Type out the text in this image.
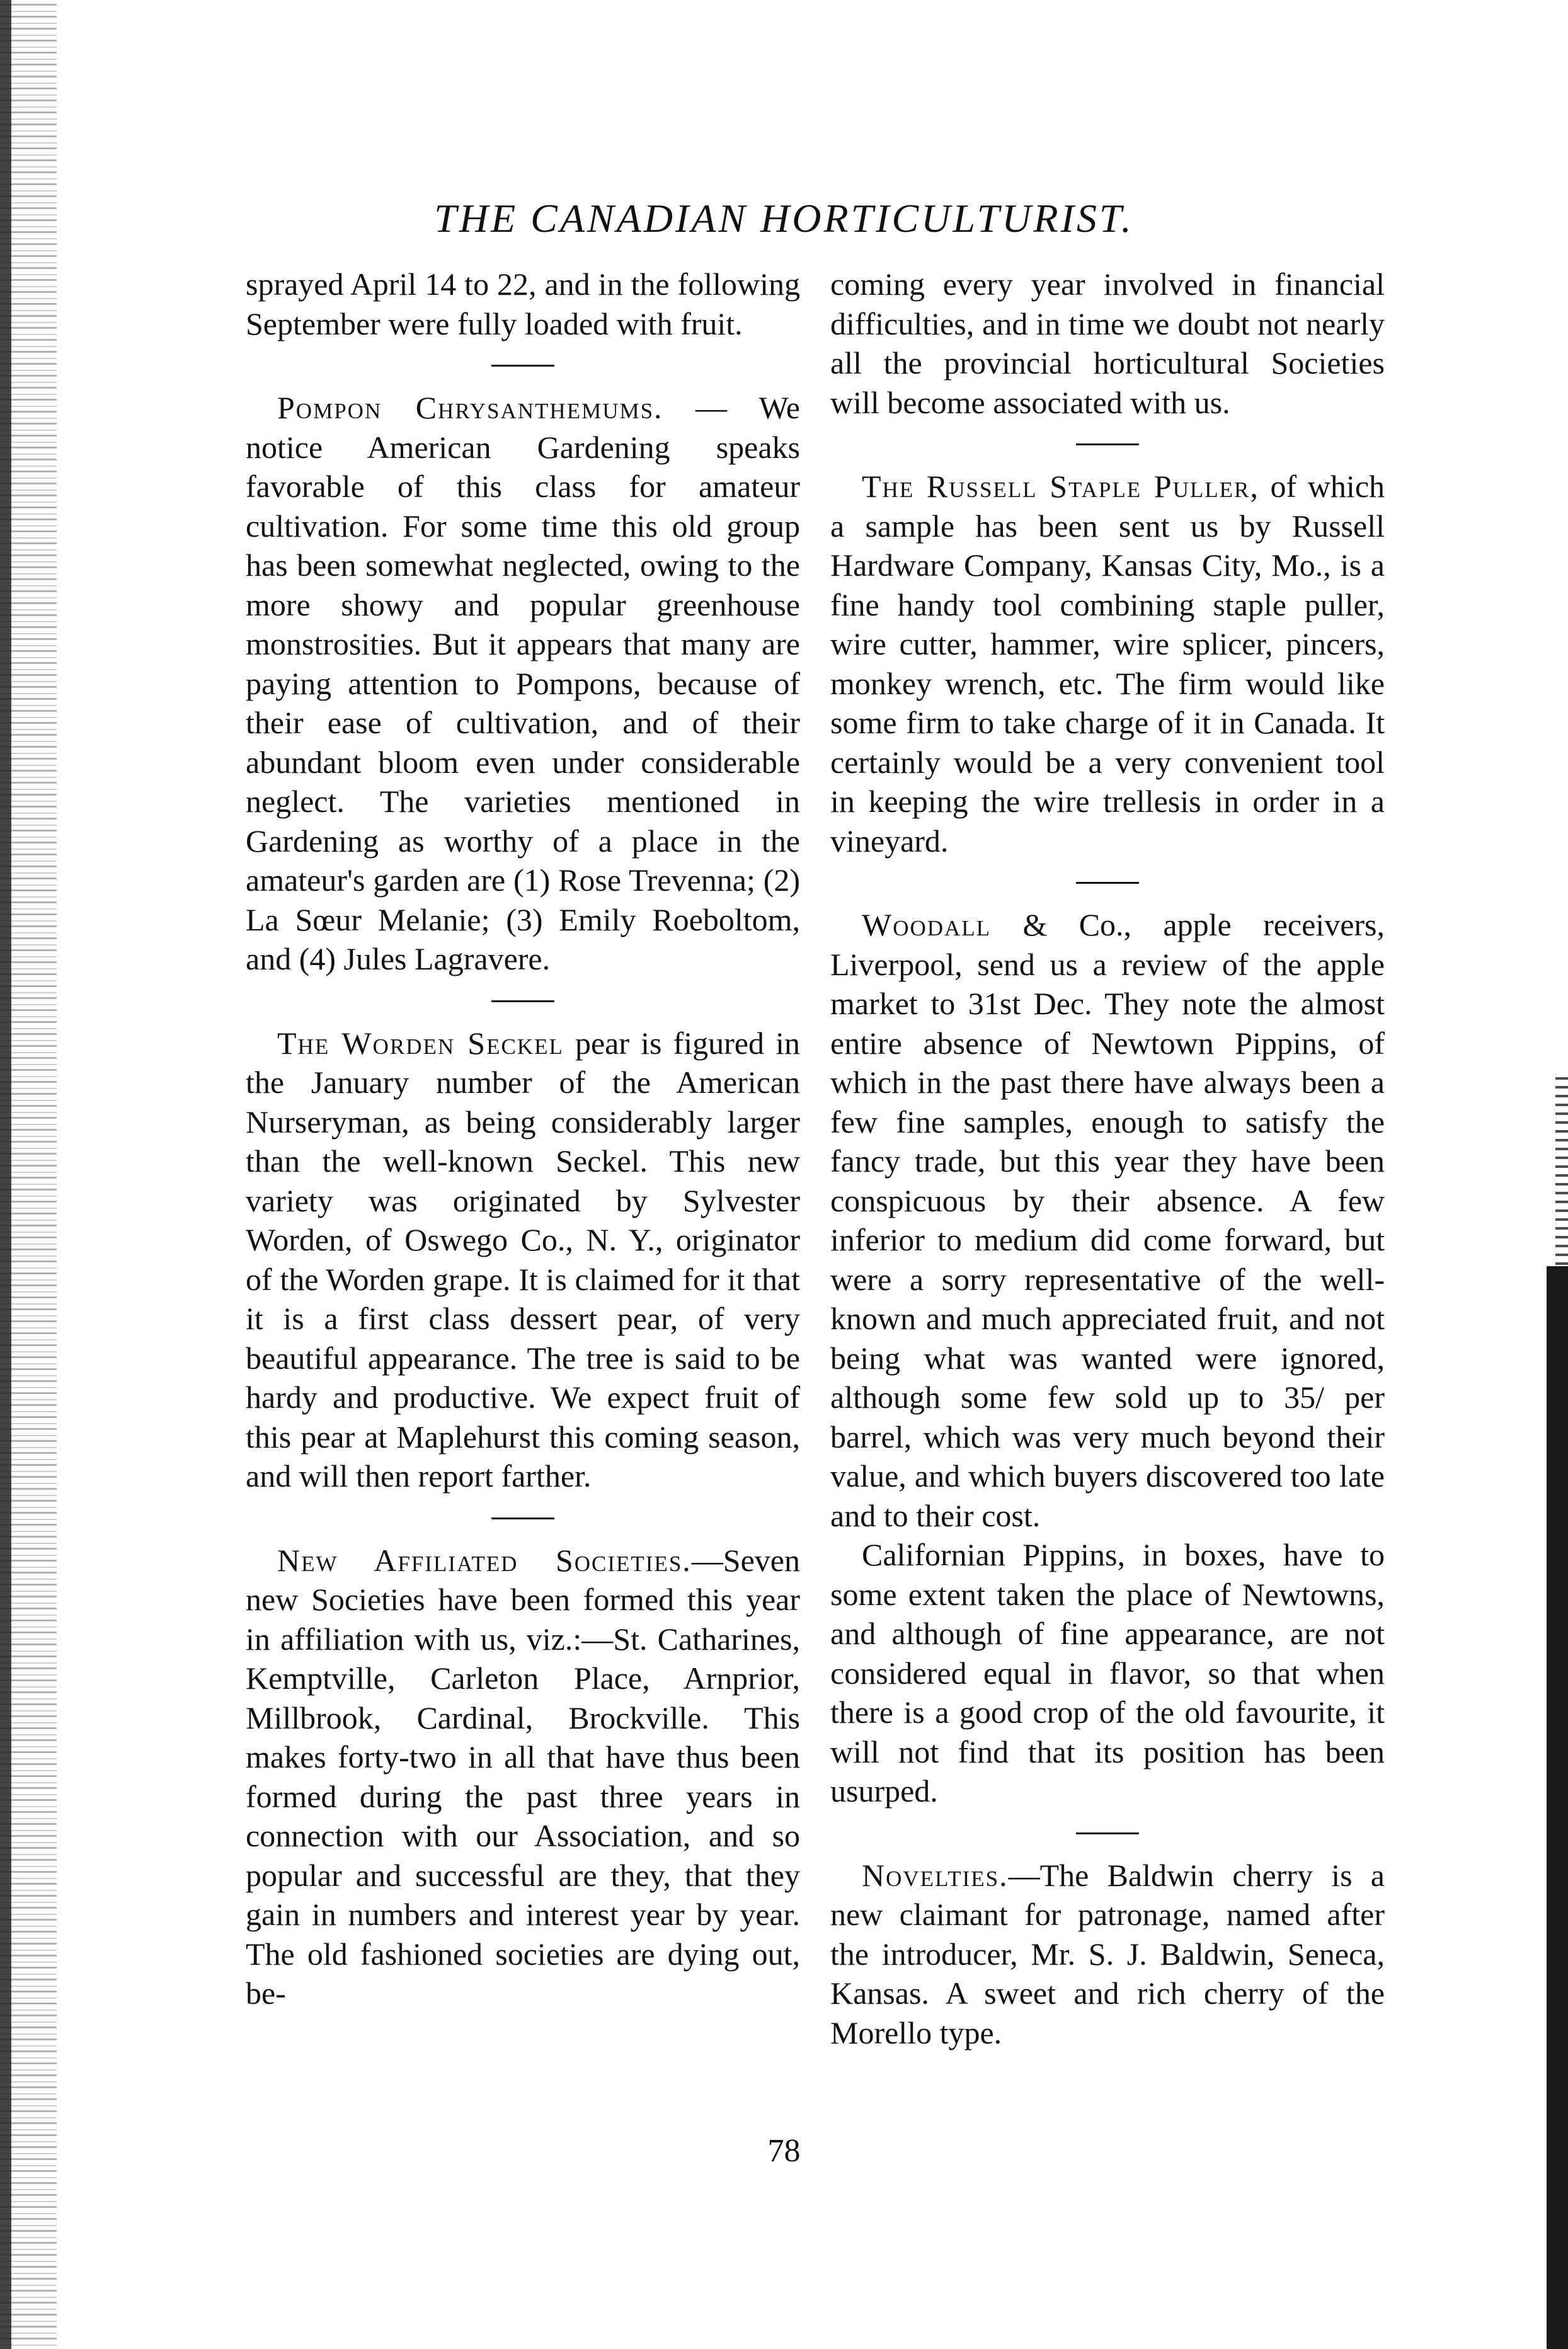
THE CANADIAN HORTICULTURIST.

sprayed April 14 to 22, and in the following September were fully loaded with fruit.

Pompon Chrysanthemums. — We notice American Gardening speaks favorable of this class for amateur cultivation. For some time this old group has been somewhat neglected, owing to the more showy and popular greenhouse monstrosities. But it appears that many are paying attention to Pompons, because of their ease of cultivation, and of their abundant bloom even under considerable neglect. The varieties mentioned in Gardening as worthy of a place in the amateur's garden are (1) Rose Trevenna; (2) La Sœur Melanie; (3) Emily Roeboltom, and (4) Jules Lagravere.

The Worden Seckel pear is figured in the January number of the American Nurseryman, as being considerably larger than the well-known Seckel. This new variety was originated by Sylvester Worden, of Oswego Co., N. Y., originator of the Worden grape. It is claimed for it that it is a first class dessert pear, of very beautiful appearance. The tree is said to be hardy and productive. We expect fruit of this pear at Maplehurst this coming season, and will then report farther.

New Affiliated Societies.—Seven new Societies have been formed this year in affiliation with us, viz.:—St. Catharines, Kemptville, Carleton Place, Arnprior, Millbrook, Cardinal, Brockville. This makes forty-two in all that have thus been formed during the past three years in connection with our Association, and so popular and successful are they, that they gain in numbers and interest year by year. The old fashioned societies are dying out, be-

coming every year involved in financial difficulties, and in time we doubt not nearly all the provincial horticultural Societies will become associated with us.

The Russell Staple Puller, of which a sample has been sent us by Russell Hardware Company, Kansas City, Mo., is a fine handy tool combining staple puller, wire cutter, hammer, wire splicer, pincers, monkey wrench, etc. The firm would like some firm to take charge of it in Canada. It certainly would be a very convenient tool in keeping the wire trellesis in order in a vineyard.

Woodall & Co., apple receivers, Liverpool, send us a review of the apple market to 31st Dec. They note the almost entire absence of Newtown Pippins, of which in the past there have always been a few fine samples, enough to satisfy the fancy trade, but this year they have been conspicuous by their absence. A few inferior to medium did come forward, but were a sorry representative of the well-known and much appreciated fruit, and not being what was wanted were ignored, although some few sold up to 35/ per barrel, which was very much beyond their value, and which buyers discovered too late and to their cost.

Californian Pippins, in boxes, have to some extent taken the place of Newtowns, and although of fine appearance, are not considered equal in flavor, so that when there is a good crop of the old favourite, it will not find that its position has been usurped.

Novelties.—The Baldwin cherry is a new claimant for patronage, named after the introducer, Mr. S. J. Baldwin, Seneca, Kansas. A sweet and rich cherry of the Morello type.

78
